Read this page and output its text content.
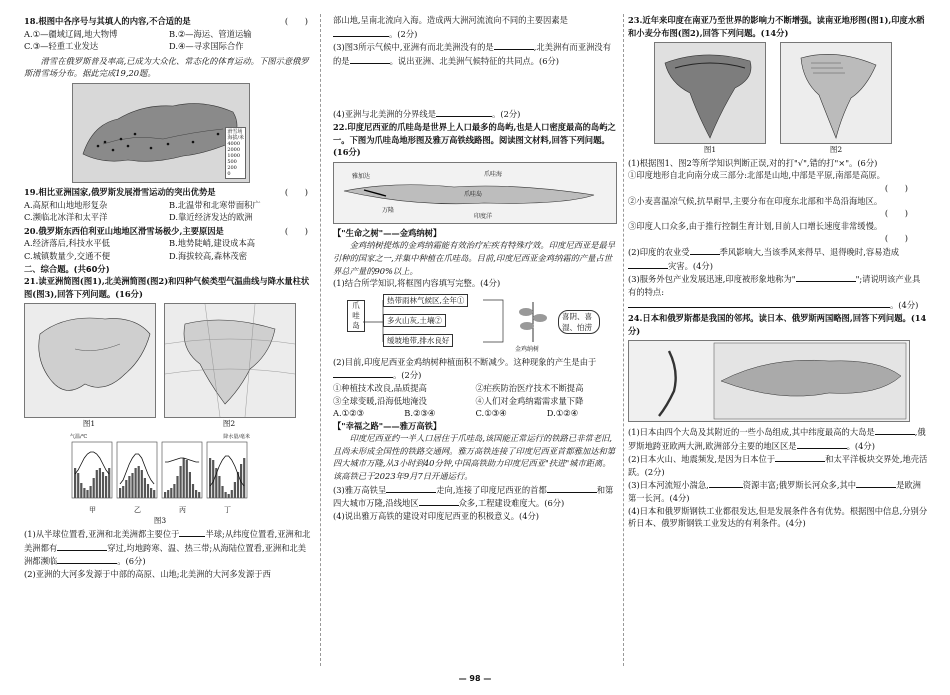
18.根图中各序号与其填人的内容,不合适的是	(　　)

A.①—疆域辽阔,地大物博	B.②—海运、管道运输
C.③—轻重工业发达	D.④—寻求国际合作

滑雪在俄罗斯普及率高,已成为大众化、常态化的体育运动。下图示意俄罗斯滑雪场分布。据此完成19,20题。

滑雪场
海拔/米
4000
2000
1000
500
200
0

19.相比亚洲国家,俄罗斯发展滑雪运动的突出优势是	(　　)

A.高原和山地地形复杂	B.北温带和北寒带面积广
C.濒临北冰洋和太平洋	D.靠近经济发达的欧洲

20.俄罗斯东西伯利亚山地地区滑雪场极少,主要原因是	(　　)

A.经济落后,科技水平低	B.地势陡峭,建设成本高
C.城镇数量少,交通不便	D.海拔较高,森林茂密

二、综合题。(共60分)

21.读亚洲简图(图1),北美洲简图(图2)和四种气候类型气温曲线与降水量柱状图(图3),回答下列问题。(16分)

图1	图2
气温/℃	降水量/毫米
甲	乙	丙	丁
图3

(1)从半球位置看,亚洲和北美洲都主要位于	半球;从纬度位置看,亚洲和北美洲都有	穿过,均地跨寒、温、热三带;从海陆位置看,亚洲和北美洲都濒临	。(6分)

(2)亚洲的大河多发源于中部的高原、山地;北美洲的大河多发源于西

部山地,呈南北流向入海。造成两大洲河流流向不同的主要因素是。(2分)

(3)图3所示气候中,亚洲有而北美洲没有的是	,北美洲有而亚洲没有的是	。说出亚洲、北美洲气候特征的共同点。(6分)

(4)亚洲与北美洲的分界线是	。(2分)

22.印度尼西亚的爪哇岛是世界上人口最多的岛屿,也是人口密度最高的岛屿之一。下图为爪哇岛地形图及雅万高铁线路图。阅读图文材料,回答下列问题。(16分)

雅加达
万隆
爪哇岛
印度洋
爪哇海

【"生命之树"——金鸡纳树】

金鸡纳树提炼的金鸡纳霜能有效治疗疟疾有特殊疗效。印度尼西亚是最早引种的国家之一,并集中种植在爪哇岛。目前,印度尼西亚金鸡纳霜的产量占世界总产量的90%以上。

(1)结合所学知识,将框图内容填写完整。(4分)

爪哇岛
热带雨林气候区,全年①
多火山灰,土壤②
缓坡地带,排水良好
金鸡纳树
喜阴、喜湿、怕涝

(2)目前,印度尼西亚金鸡纳树种植面积不断减少。这种现象的产生是由于。(2分)

①种植技术改良,品质提高	②疟疾防治医疗技术不断提高
③全球变暖,沿海低地淹没	④人们对金鸡纳霜需求量下降
A.①②③	B.②③④	C.①③④	D.①②④

【"幸福之路"——雅万高铁】

印度尼西亚约一半人口居住于爪哇岛,该国能正常运行的铁路已非常老旧,且尚未形成全国性的铁路交通网。雅万高铁连接了印度尼西亚首都雅加达和第四大城市万隆,从3小时到40分钟,中国高铁助力印度尼西亚"扶进"城市距离。该高铁已于2023年9月7日开通运行。

(3)雅万高铁呈	走向,连接了印度尼西亚的首都	和第四大城市万隆,沿线地区	众多,工程建设难度大。(6分)

(4)说出雅万高铁的建设对印度尼西亚的积极意义。(4分)

23.近年来印度在南亚乃至世界的影响力不断增强。读南亚地形图(图1),印度水稻和小麦分布图(图2),回答下列问题。(14分)

图1	图2

(1)根据图1、图2等所学知识判断正误,对的打"√",错的打"×"。(6分)

①印度地形自北向南分成三部分:北部是山地,中部是平原,南部是高原。

(　　)

②小麦喜温凉气候,抗旱耐旱,主要分布在印度东北部和半岛沿海地区。

(　　)

③印度人口众多,由于推行控制生育计划,目前人口增长速度非常缓慢。

(　　)

(2)印度的农业受	季风影响大,当该季风来得早、退得晚时,容易造成灾害。(4分)

(3)服务外包产业发展迅速,印度被形象地称为"	";请说明该产业具有的特点:

。(4分)

24.日本和俄罗斯都是我国的邻邦。读日本、俄罗斯两国略图,回答下列问题。(14分)

(1)日本由四个大岛及其附近的一些小岛组成,其中纬度最高的大岛是	,俄罗斯地跨亚欧两大洲,欧洲部分主要的地区区是	。(4分)

(2)日本火山、地震频发,是因为日本位于	和太平洋板块交界处,地壳活跃。(2分)

(3)日本河流短小湍急,	资源丰富;俄罗斯长河众多,其中	是欧洲第一长河。(4分)

(4)日本和俄罗斯钢铁工业都很发达,但是发展条件各有优势。根据图中信息,分别分析日本、俄罗斯钢铁工业发达的有利条件。(4分)

— 98 —
